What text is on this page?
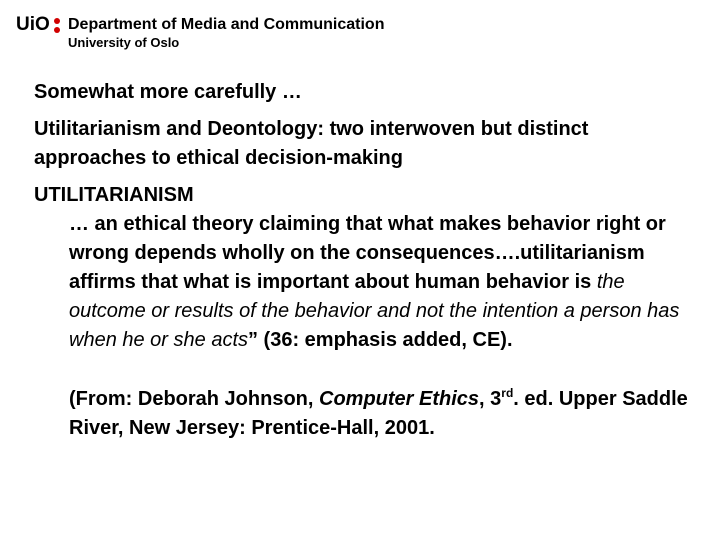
UiO Department of Media and Communication
University of Oslo

Somewhat more carefully …

Utilitarianism and Deontology: two interwoven but distinct approaches to ethical decision-making

UTILITARIANISM

… an ethical theory claiming that what makes behavior right or wrong depends wholly on the consequences….utilitarianism affirms that what is important about human behavior is the outcome or results of the behavior and not the intention a person has when he or she acts” (36: emphasis added, CE).

(From: Deborah Johnson, Computer Ethics, 3rd. ed. Upper Saddle River, New Jersey: Prentice-Hall, 2001.
